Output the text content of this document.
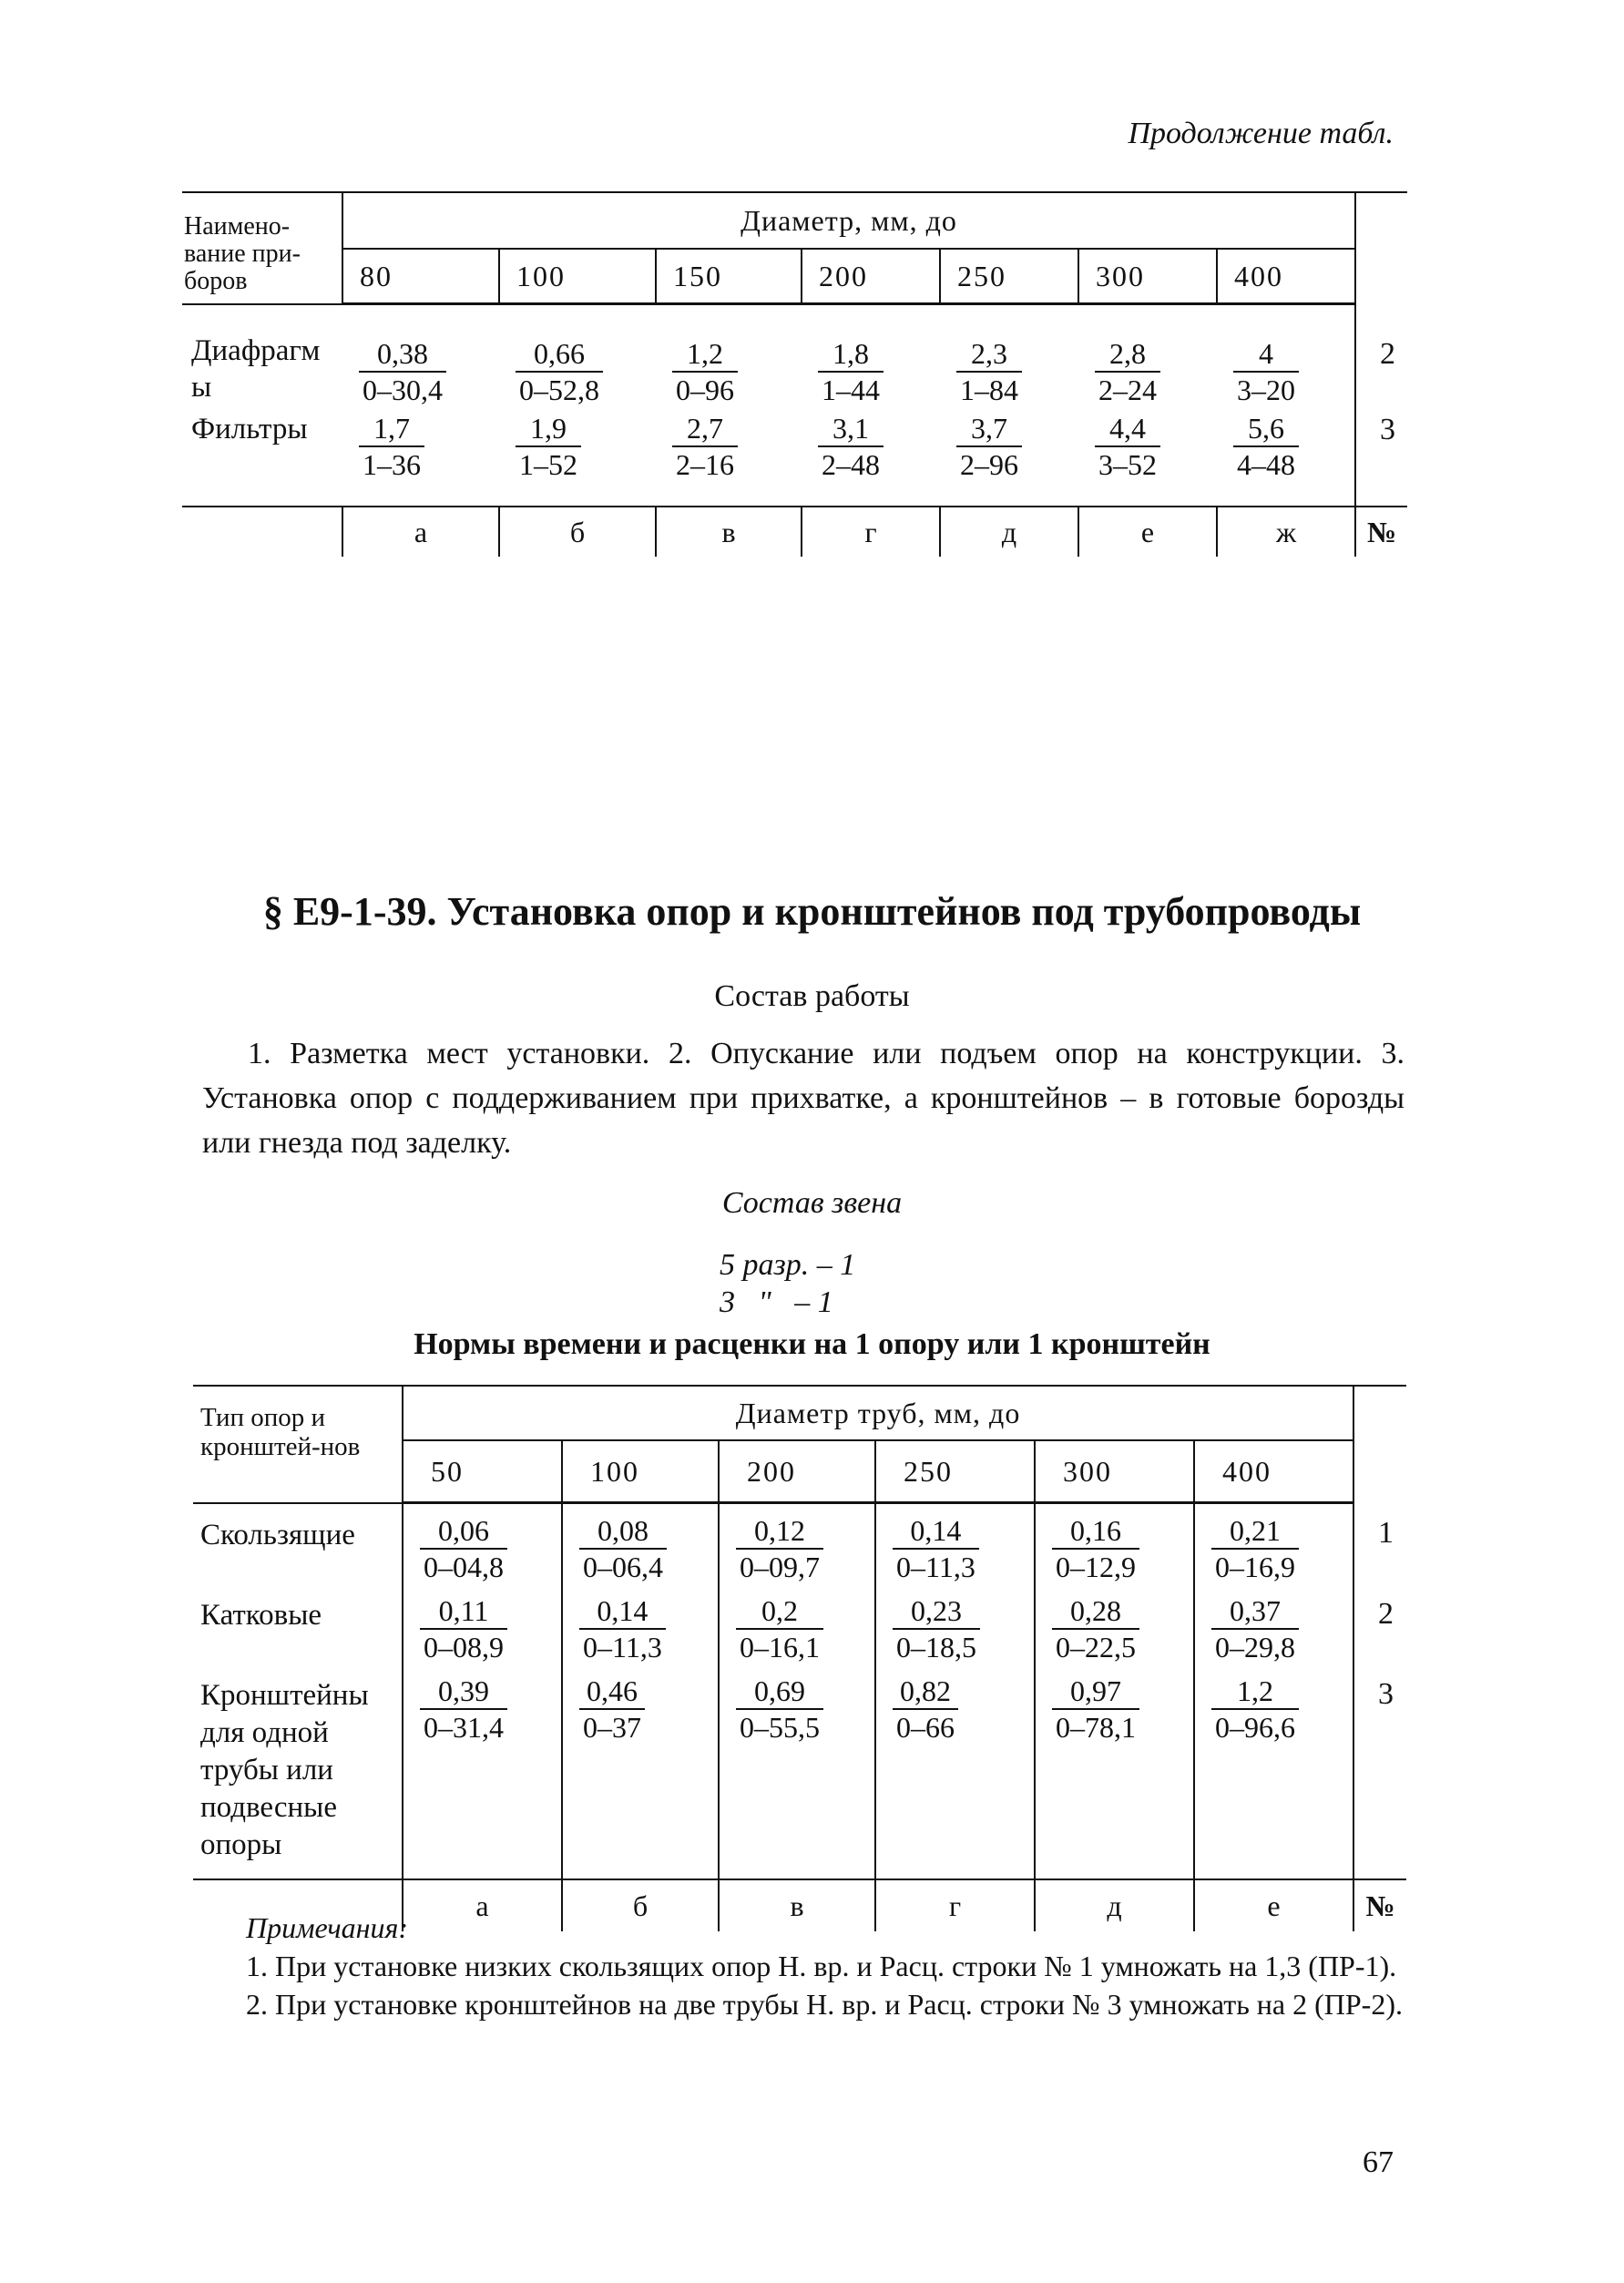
Продолжение табл.
Наимено-вание при-боров	Диаметр, мм, до							
	80	100	150	200	250	300	400	

Диафрагмы	$\frac{0,38}{0-30,4}$	$\frac{0,66}{0-52,8}$	$\frac{1,2}{0-96}$	$\frac{1,8}{1-44}$	$\frac{2,3}{1-84}$	$\frac{2,8}{2-24}$	$\frac{4}{3-20}$	2
Фильтры	$\frac{1,7}{1-36}$	$\frac{1,9}{1-52}$	$\frac{2,7}{2-16}$	$\frac{3,1}{2-48}$	$\frac{3,7}{2-96}$	$\frac{4,4}{3-52}$	$\frac{5,6}{4-48}$	3

	а	б	в	г	д	е	ж	№
§ Е9-1-39. Установка опор и кронштейнов под трубопроводы
Состав работы

1. Разметка мест установки. 2. Опускание или подъем опор на конструкции. 3. Установка опор с поддерживанием при прихватке, а кронштейнов – в готовые борозды или гнезда под заделку.

Состав звена
5 разр. – 1
3   "   – 1
Нормы времени и расценки на 1 опору или 1 кронштейн
Тип опор и кронштей-нов	Диаметр труб, мм, до						
	50	100	200	250	300	400	
Скользящие	$\frac{0,06}{0-04,8}$	$\frac{0,08}{0-06,4}$	$\frac{0,12}{0-09,7}$	$\frac{0,14}{0-11,3}$	$\frac{0,16}{0-12,9}$	$\frac{0,21}{0-16,9}$	1
Катковые	$\frac{0,11}{0-08,9}$	$\frac{0,14}{0-11,3}$	$\frac{0,2}{0-16,1}$	$\frac{0,23}{0-18,5}$	$\frac{0,28}{0-22,5}$	$\frac{0,37}{0-29,8}$	2

Кронштейны для одной трубы или подвесные опоры	$\frac{0,39}{0-31,4}$	$\frac{0,46}{0-37}$	$\frac{0,69}{0-55,5}$	$\frac{0,82}{0-66}$	$\frac{0,97}{0-78,1}$	$\frac{1,2}{0-96,6}$	3

	а	б	в	г	д	е	№
Примечания:

1. При установке низких скользящих опор Н. вр. и Расц. строки № 1 умножать на 1,3 (ПР-1).

2. При установке кронштейнов на две трубы Н. вр. и Расц. строки № 3 умножать на 2 (ПР-2).

67
